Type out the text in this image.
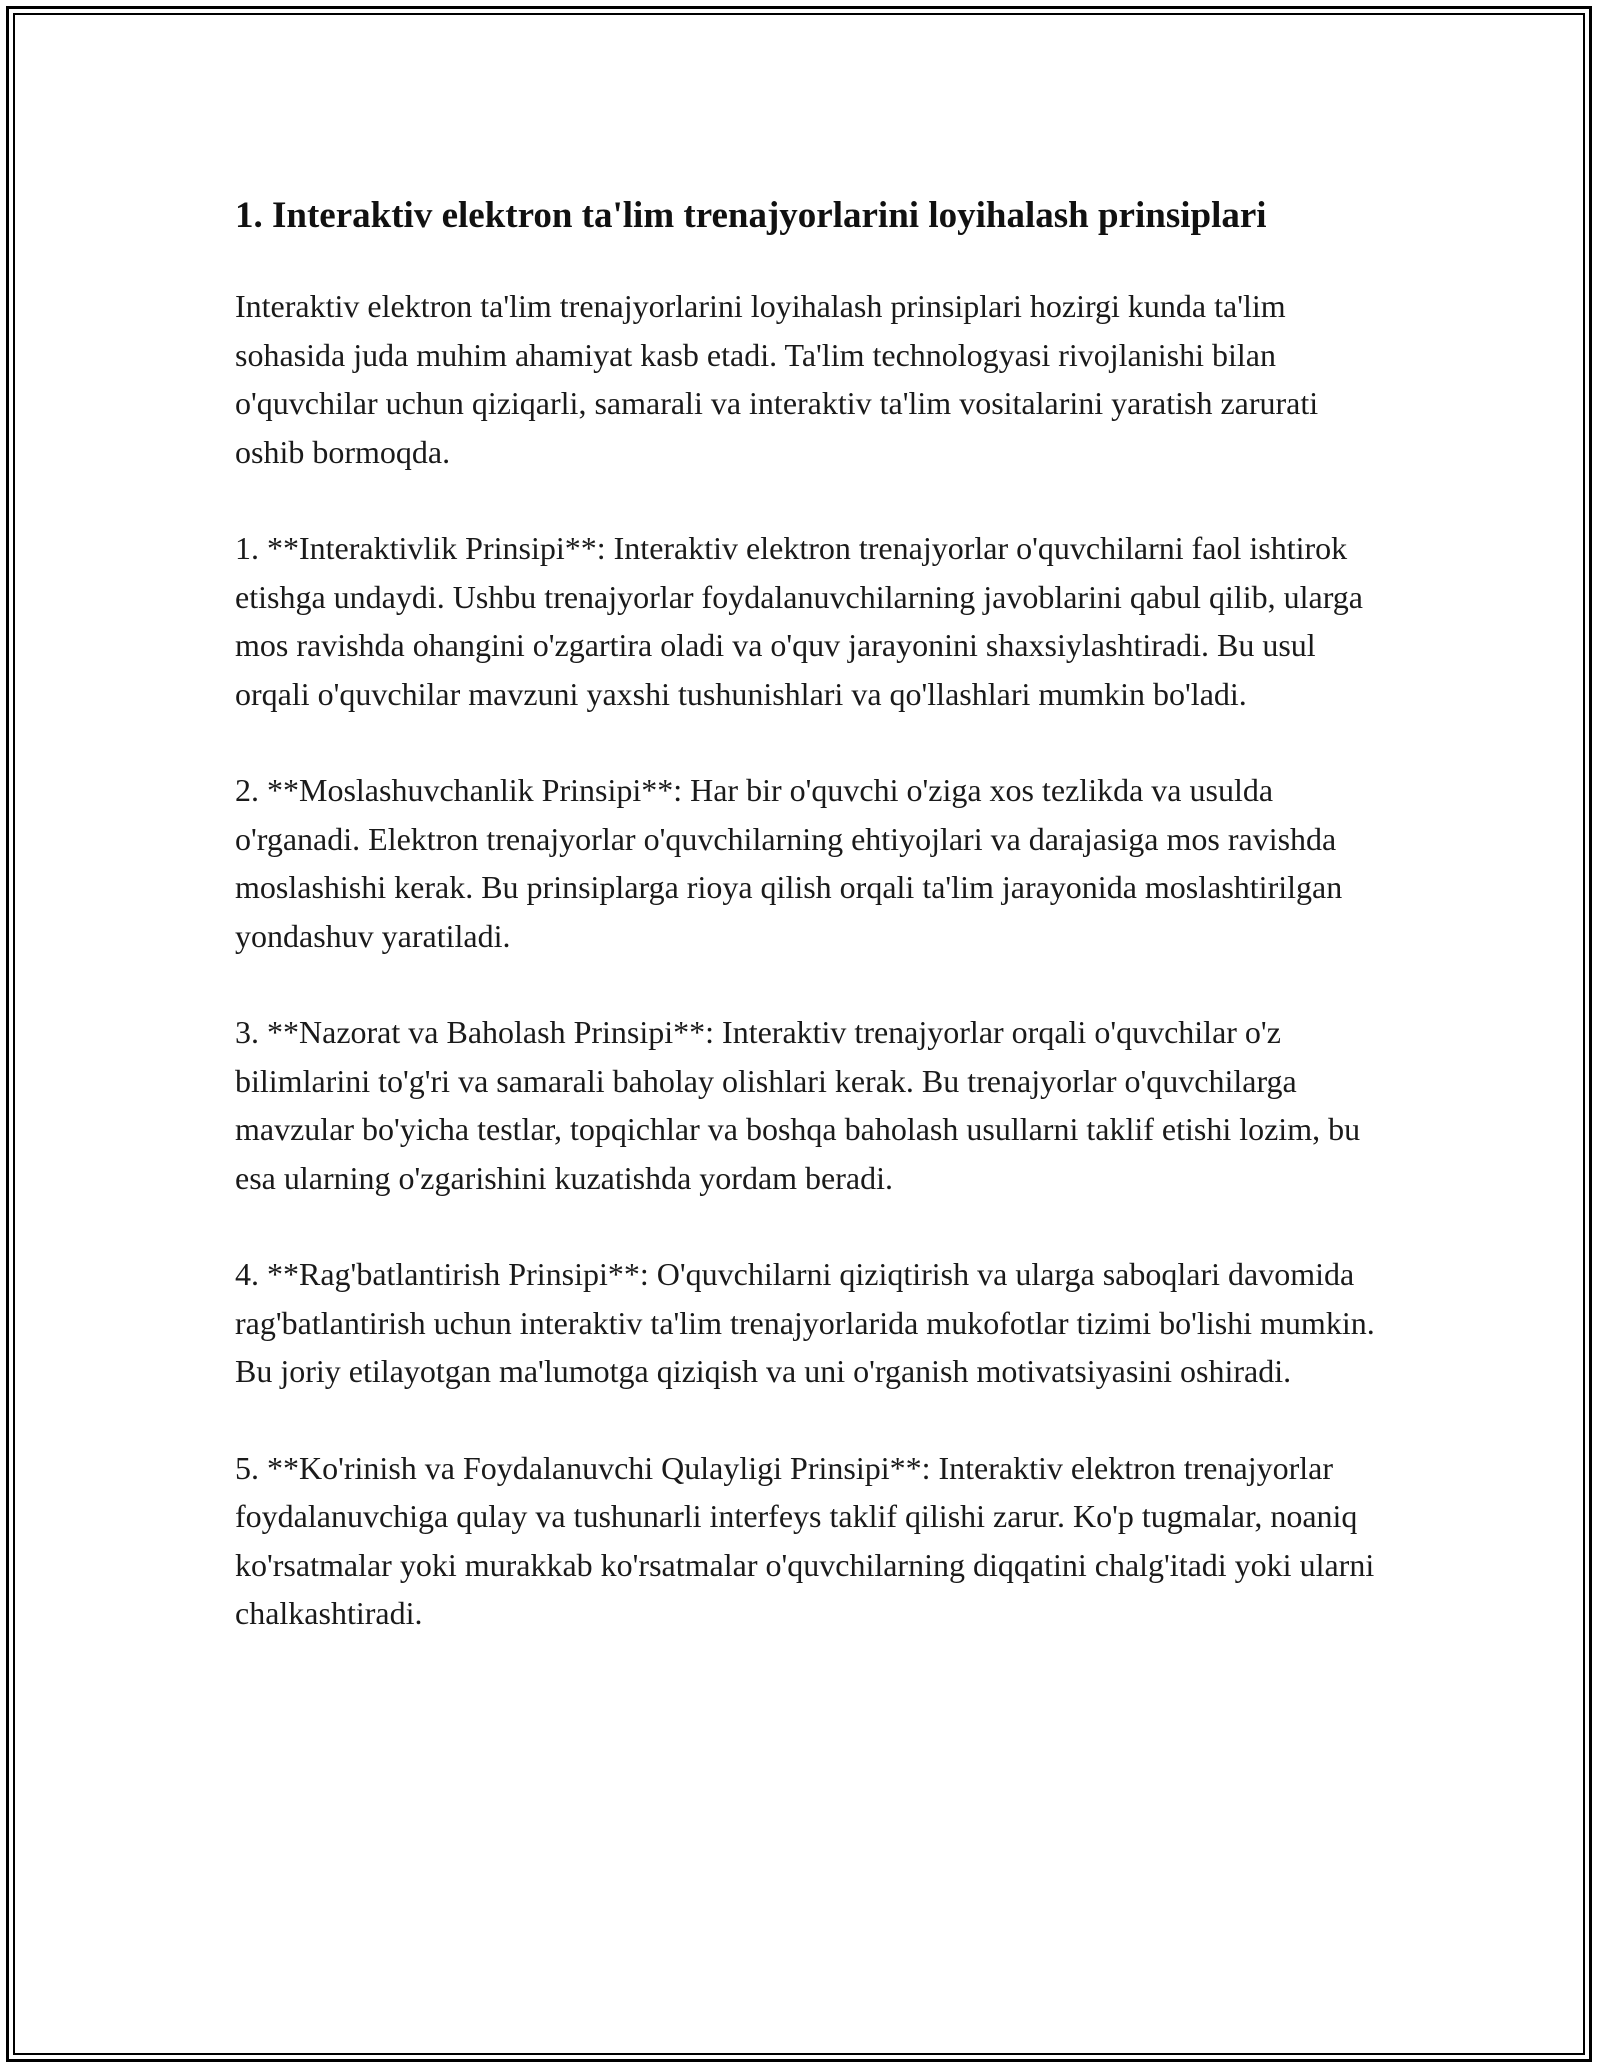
1. Interaktiv elektron ta'lim trenajyorlarini loyihalash prinsiplari

Interaktiv elektron ta'lim trenajyorlarini loyihalash prinsiplari hozirgi kunda ta'lim sohasida juda muhim ahamiyat kasb etadi. Ta'lim technologyasi rivojlanishi bilan o'quvchilar uchun qiziqarli, samarali va interaktiv ta'lim vositalarini yaratish zarurati oshib bormoqda.

1. **Interaktivlik Prinsipi**: Interaktiv elektron trenajyorlar o'quvchilarni faol ishtirok etishga undaydi. Ushbu trenajyorlar foydalanuvchilarning javoblarini qabul qilib, ularga mos ravishda ohangini o'zgartira oladi va o'quv jarayonini shaxsiylashtiradi. Bu usul orqali o'quvchilar mavzuni yaxshi tushunishlari va qo'llashlari mumkin bo'ladi.

2. **Moslashuvchanlik Prinsipi**: Har bir o'quvchi o'ziga xos tezlikda va usulda o'rganadi. Elektron trenajyorlar o'quvchilarning ehtiyojlari va darajasiga mos ravishda moslashishi kerak. Bu prinsiplarga rioya qilish orqali ta'lim jarayonida moslashtirilgan yondashuv yaratiladi.

3. **Nazorat va Baholash Prinsipi**: Interaktiv trenajyorlar orqali o'quvchilar o'z bilimlarini to'g'ri va samarali baholay olishlari kerak. Bu trenajyorlar o'quvchilarga mavzular bo'yicha testlar, topqichlar va boshqa baholash usullarni taklif etishi lozim, bu esa ularning o'zgarishini kuzatishda yordam beradi.

4. **Rag'batlantirish Prinsipi**: O'quvchilarni qiziqtirish va ularga saboqlari davomida rag'batlantirish uchun interaktiv ta'lim trenajyorlarida mukofotlar tizimi bo'lishi mumkin. Bu joriy etilayotgan ma'lumotga qiziqish va uni o'rganish motivatsiyasini oshiradi.

5. **Ko'rinish va Foydalanuvchi Qulayligi Prinsipi**: Interaktiv elektron trenajyorlar foydalanuvchiga qulay va tushunarli interfeys taklif qilishi zarur. Ko'p tugmalar, noaniq ko'rsatmalar yoki murakkab ko'rsatmalar o'quvchilarning diqqatini chalg'itadi yoki ularni chalkashtiradi.
